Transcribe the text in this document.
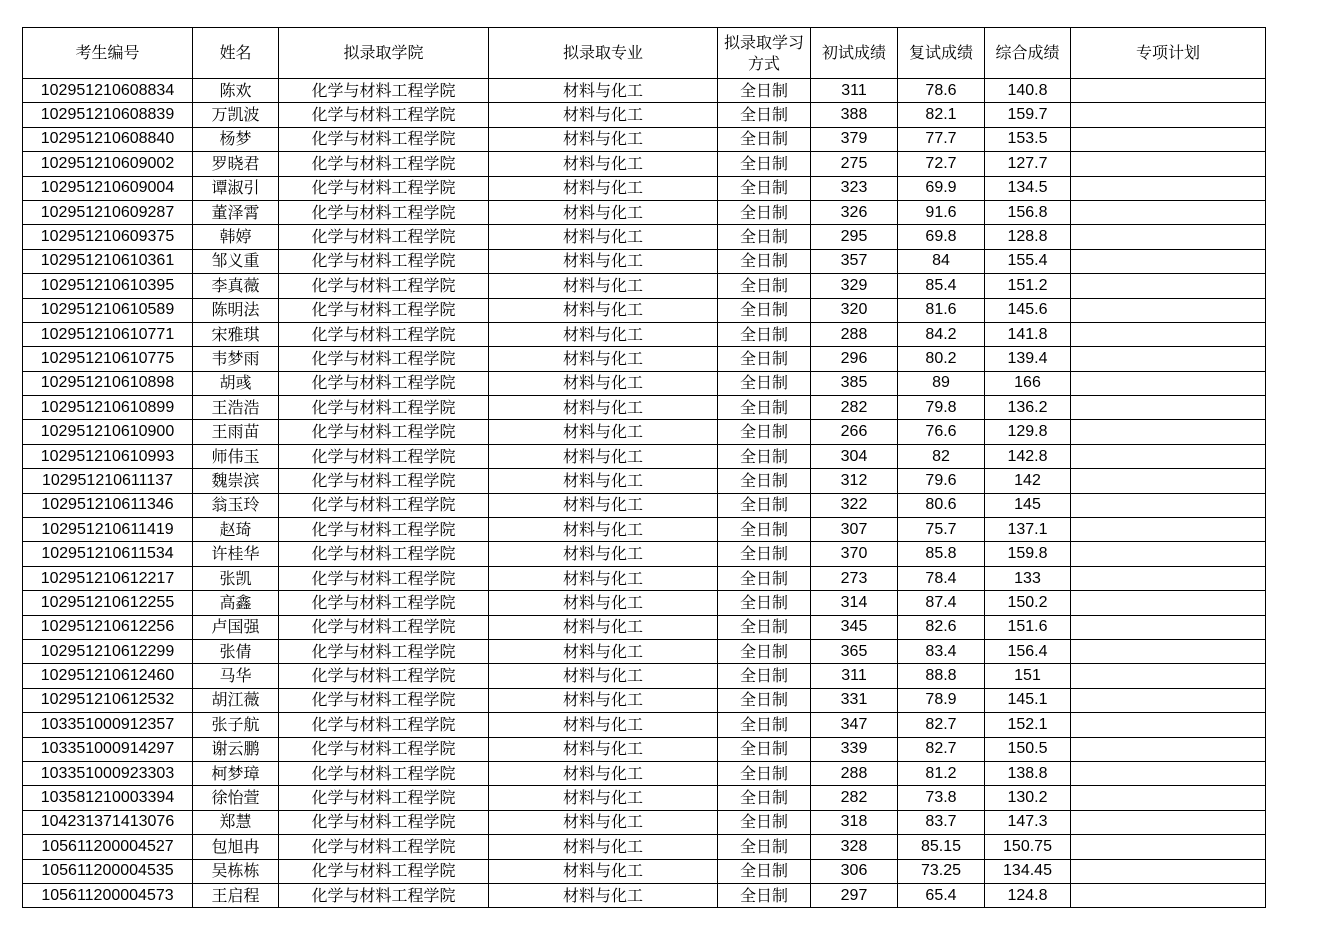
考生编号	姓名	拟录取学院	拟录取专业	拟录取学习方式	初试成绩	复试成绩	综合成绩	专项计划
10295121060883​4	陈欢	化学与材料工程学院	材料与化工	全日制	311	78.6	140.8	
102951210608839	万凯波	化学与材料工程学院	材料与化工	全日制	388	82.1	159.7	
102951210608840	杨梦	化学与材料工程学院	材料与化工	全日制	379	77.7	153.5	
102951210609002	罗晓君	化学与材料工程学院	材料与化工	全日制	275	72.7	127.7	
102951210609004	谭淑引	化学与材料工程学院	材料与化工	全日制	323	69.9	134.5	
102951210609287	董泽霄	化学与材料工程学院	材料与化工	全日制	326	91.6	156.8	
102951210609375	韩婷	化学与材料工程学院	材料与化工	全日制	295	69.8	128.8	
102951210610361	邹义重	化学与材料工程学院	材料与化工	全日制	357	84	155.4	
102951210610395	李真薇	化学与材料工程学院	材料与化工	全日制	329	85.4	151.2	
102951210610589	陈明法	化学与材料工程学院	材料与化工	全日制	320	81.6	145.6	
102951210610771	宋雅琪	化学与材料工程学院	材料与化工	全日制	288	84.2	141.8	
102951210610775	韦梦雨	化学与材料工程学院	材料与化工	全日制	296	80.2	139.4	
102951210610898	胡彧	化学与材料工程学院	材料与化工	全日制	385	89	166	
102951210610899	王浩浩	化学与材料工程学院	材料与化工	全日制	282	79.8	136.2	
102951210610900	王雨苗	化学与材料工程学院	材料与化工	全日制	266	76.6	129.8	
102951210610993	师伟玉	化学与材料工程学院	材料与化工	全日制	304	82	142.8	
102951210611137	魏崇滨	化学与材料工程学院	材料与化工	全日制	312	79.6	142	
102951210611346	翁玉玲	化学与材料工程学院	材料与化工	全日制	322	80.6	145	
102951210611419	赵琦	化学与材料工程学院	材料与化工	全日制	307	75.7	137.1	
102951210611534	许桂华	化学与材料工程学院	材料与化工	全日制	370	85.8	159.8	
102951210612217	张凯	化学与材料工程学院	材料与化工	全日制	273	78.4	133	
102951210612255	高鑫	化学与材料工程学院	材料与化工	全日制	314	87.4	150.2	
102951210612256	卢国强	化学与材料工程学院	材料与化工	全日制	345	82.6	151.6	
102951210612299	张倩	化学与材料工程学院	材料与化工	全日制	365	83.4	156.4	
102951210612460	马华	化学与材料工程学院	材料与化工	全日制	311	88.8	151	
102951210612532	胡江薇	化学与材料工程学院	材料与化工	全日制	331	78.9	145.1	
103351000912357	张子航	化学与材料工程学院	材料与化工	全日制	347	82.7	152.1	
103351000914297	谢云鹏	化学与材料工程学院	材料与化工	全日制	339	82.7	150.5	
103351000923303	柯梦璋	化学与材料工程学院	材料与化工	全日制	288	81.2	138.8	
103581210003394	徐怡萱	化学与材料工程学院	材料与化工	全日制	282	73.8	130.2	
104231371413076	郑慧	化学与材料工程学院	材料与化工	全日制	318	83.7	147.3	
105611200004527	包旭冉	化学与材料工程学院	材料与化工	全日制	328	85.15	150.75	
105611200004535	吴栋栋	化学与材料工程学院	材料与化工	全日制	306	73.25	134.45	
105611200004573	王启程	化学与材料工程学院	材料与化工	全日制	297	65.4	124.8	
